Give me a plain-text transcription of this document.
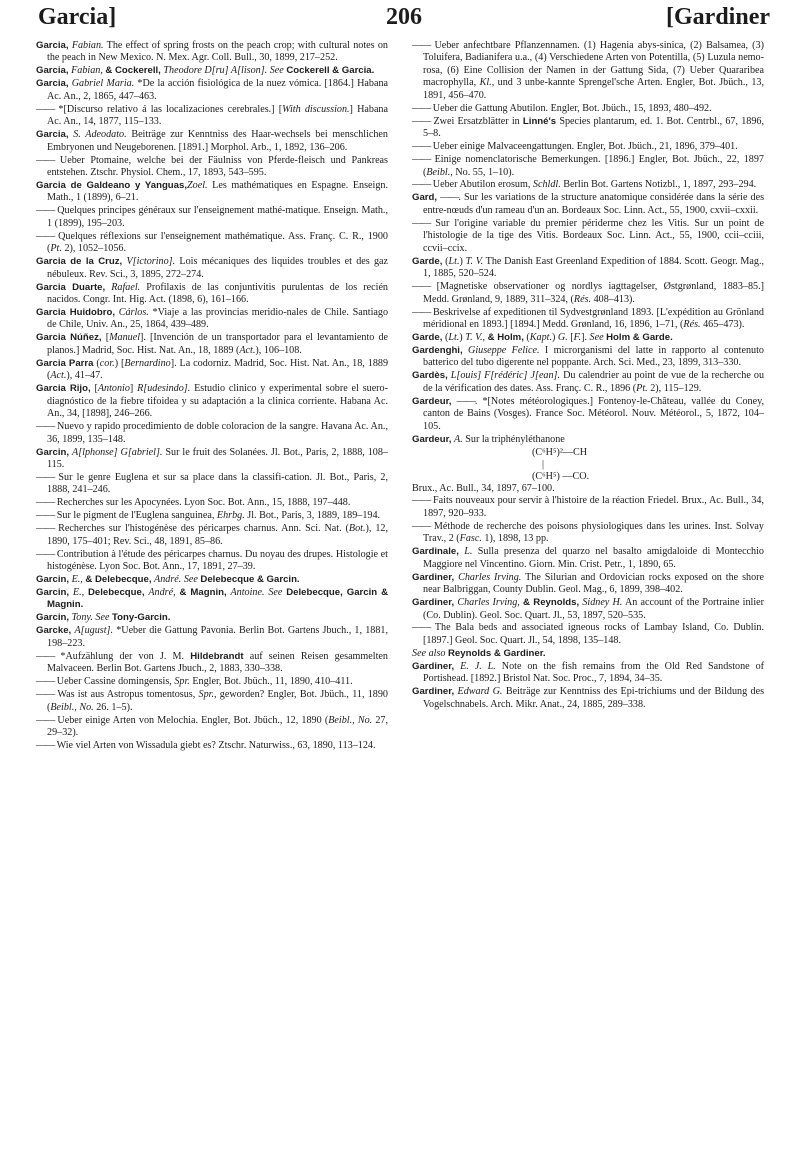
Garcia]	206	[Gardiner

Garcia, Fabian. The effect of spring frosts on the peach crop; with cultural notes on the peach in New Mexico. N. Mex. Agr. Coll. Bull., 30, 1899, 217–252.

Garcia, Fabian, & Cockerell, Theodore D[ru] A[lison]. See Cockerell & Garcia.

Garcia, Gabriel Maria. *De la acción fisiológica de la nuez vómica. [1864.] Habana Ac. An., 2, 1865, 447–463.

—— *[Discurso relativo á las localizaciones cerebrales.] [With discussion.] Habana Ac. An., 14, 1877, 115–133.

Garcia, S. Adeodato. Beiträge zur Kenntniss des Haar-wechsels bei menschlichen Embryonen und Neugeborenen. [1891.] Morphol. Arb., 1, 1892, 136–206.

—— Ueber Ptomaine, welche bei der Fäulniss von Pferde-fleisch und Pankreas entstehen. Ztschr. Physiol. Chem., 17, 1893, 543–595.

Garcia de Galdeano y Yanguas,Zoel. Les mathématiques en Espagne. Enseign. Math., 1 (1899), 6–21.

—— Quelques principes généraux sur l'enseignement mathé-matique. Enseign. Math., 1 (1899), 195–203.

—— Quelques réflexions sur l'enseignement mathématique. Ass. Franç. C. R., 1900 (Pt. 2), 1052–1056.

Garcia de la Cruz, V[ictorino]. Lois mécaniques des liquides troubles et des gaz nébuleux. Rev. Sci., 3, 1895, 272–274.

Garcia Duarte, Rafael. Profilaxis de las conjuntivitis purulentas de los recién nacidos. Congr. Int. Hig. Act. (1898, 6), 161–166.

Garcia Huidobro, Cárlos. *Viaje a las provincias meridio-nales de Chile. Santiago de Chile, Univ. An., 25, 1864, 439–489.

Garcia Núñez, [Manuel]. [Invención de un transportador para el levantamiento de planos.] Madrid, Soc. Hist. Nat. An., 18, 1889 (Act.), 106–108.

Garcia Parra (cor.) [Bernardino]. La codorniz. Madrid, Soc. Hist. Nat. An., 18, 1889 (Act.), 41–47.

Garcia Rijo, [Antonio] R[udesindo]. Estudio clinico y experimental sobre el suero-diagnóstico de la fiebre tifoidea y su adaptación a la clinica corriente. Habana Ac. An., 34, [1898], 246–266.

—— Nuevo y rapido procedimiento de doble coloracion de la sangre. Havana Ac. An., 36, 1899, 135–148.

Garcin, A[lphonse] G[abriel]. Sur le fruit des Solanées. Jl. Bot., Paris, 2, 1888, 108–115.

—— Sur le genre Euglena et sur sa place dans la classifi-cation. Jl. Bot., Paris, 2, 1888, 241–246.

—— Recherches sur les Apocynées. Lyon Soc. Bot. Ann., 15, 1888, 197–448.

—— Sur le pigment de l'Euglena sanguinea, Ehrbg. Jl. Bot., Paris, 3, 1889, 189–194.

—— Recherches sur l'histogénèse des péricarpes charnus. Ann. Sci. Nat. (Bot.), 12, 1890, 175–401; Rev. Sci., 48, 1891, 85–86.

—— Contribution à l'étude des péricarpes charnus. Du noyau des drupes. Histologie et histogénèse. Lyon Soc. Bot. Ann., 17, 1891, 27–39.

Garcin, E., & Delebecque, André. See Delebecque & Garcin.

Garcin, E., Delebecque, André, & Magnin, Antoine. See Delebecque, Garcin & Magnin.

Garcin, Tony. See Tony-Garcin.

Garcke, A[ugust]. *Ueber die Gattung Pavonia. Berlin Bot. Gartens Jbuch., 1, 1881, 198–223.

—— *Aufzählung der von J. M. Hildebrandt auf seinen Reisen gesammelten Malvaceen. Berlin Bot. Gartens Jbuch., 2, 1883, 330–338.

—— Ueber Cassine domingensis, Spr. Engler, Bot. Jbüch., 11, 1890, 410–411.

—— Was ist aus Astropus tomentosus, Spr., geworden? Engler, Bot. Jbüch., 11, 1890 (Beibl., No. 26. 1–5).

—— Ueber einige Arten von Melochia. Engler, Bot. Jbüch., 12, 1890 (Beibl., No. 27, 29–32).

—— Wie viel Arten von Wissadula giebt es? Ztschr. Naturwiss., 63, 1890, 113–124.

—— Ueber anfechtbare Pflanzennamen. (1) Hagenia abys-sinica, (2) Balsamea, (3) Toluifera, Badianifera u.a., (4) Verschiedene Arten von Potentilla, (5) Luzula nemo-rosa, (6) Eine Collision der Namen in der Gattung Sida, (7) Ueber Quararibea macrophylla, Kl., und 3 unbe-kannte Sprengel'sche Arten. Engler, Bot. Jbüch., 13, 1891, 456–470.

—— Ueber die Gattung Abutilon. Engler, Bot. Jbüch., 15, 1893, 480–492.

—— Zwei Ersatzblätter in Linné's Species plantarum, ed. 1. Bot. Centrbl., 67, 1896, 5–8.

—— Ueber einige Malvaceengattungen. Engler, Bot. Jbüch., 21, 1896, 379–401.

—— Einige nomenclatorische Bemerkungen. [1896.] Engler, Bot. Jbüch., 22, 1897 (Beibl., No. 55, 1–10).

—— Ueber Abutilon erosum, Schldl. Berlin Bot. Gartens Notizbl., 1, 1897, 293–294.

Gard, —— . Sur les variations de la structure anatomique considérée dans la série des entre-nœuds d'un rameau d'un an. Bordeaux Soc. Linn. Act., 55, 1900, cxvii–cxxii.

—— Sur l'origine variable du premier périderme chez les Vitis. Sur un point de l'histologie de la tige des Vitis. Bordeaux Soc. Linn. Act., 55, 1900, ccii–cciii, ccvii–ccix.

Garde, (Lt.) T. V. The Danish East Greenland Expedition of 1884. Scott. Geogr. Mag., 1, 1885, 520–524.

—— [Magnetiske observationer og nordlys iagttagelser, Østgrønland, 1883–85.] Medd. Grønland, 9, 1889, 311–324, (Rés. 408–413).

—— Beskrivelse af expeditionen til Sydvestgrønland 1893. [L'expédition au Grönland méridional en 1893.] [1894.] Medd. Grønland, 16, 1896, 1–71, (Rés. 465–473).

Garde, (Lt.) T. V., & Holm, (Kapt.) G. [F.]. See Holm & Garde.

Gardenghi, Giuseppe Felice. I microrganismi del latte in rapporto al contenuto batterico del tubo digerente nel poppante. Arch. Sci. Med., 23, 1899, 313–330.

Gardès, L[ouis] F[rédéric] J[ean]. Du calendrier au point de vue de la recherche ou de la vérification des dates. Ass. Franç. C. R., 1896 (Pt. 2), 115–129.

Gardeur, —— . *[Notes météorologiques.] Fontenoy-le-Château, vallée du Coney, canton de Bains (Vosges). France Soc. Météorol. Nouv. Météorol., 5, 1872, 104–105.

Gardeur, A. Sur la triphényléthanone

(C⁶H⁵)²—CH
|
(C⁶H⁵) —CO.

Brux., Ac. Bull., 34, 1897, 67–100.

—— Faits nouveaux pour servir à l'histoire de la réaction Friedel. Brux., Ac. Bull., 34, 1897, 920–933.

—— Méthode de recherche des poisons physiologiques dans les urines. Inst. Solvay Trav., 2 (Fasc. 1), 1898, 13 pp.

Gardinale, L. Sulla presenza del quarzo nel basalto amigdaloide di Montecchio Maggiore nel Vincentino. Giorn. Min. Crist. Petr., 1, 1890, 65.

Gardiner, Charles Irving. The Silurian and Ordovician rocks exposed on the shore near Balbriggan, County Dublin. Geol. Mag., 6, 1899, 398–402.

Gardiner, Charles Irving, & Reynolds, Sidney H. An account of the Portraine inlier (Co. Dublin). Geol. Soc. Quart. Jl., 53, 1897, 520–535.

—— The Bala beds and associated igneous rocks of Lambay Island, Co. Dublin. [1897.] Geol. Soc. Quart. Jl., 54, 1898, 135–148.

See also Reynolds & Gardiner.

Gardiner, E. J. L. Note on the fish remains from the Old Red Sandstone of Portishead. [1892.] Bristol Nat. Soc. Proc., 7, 1894, 34–35.

Gardiner, Edward G. Beiträge zur Kenntniss des Epi-trichiums und der Bildung des Vogelschnabels. Arch. Mikr. Anat., 24, 1885, 289–338.
